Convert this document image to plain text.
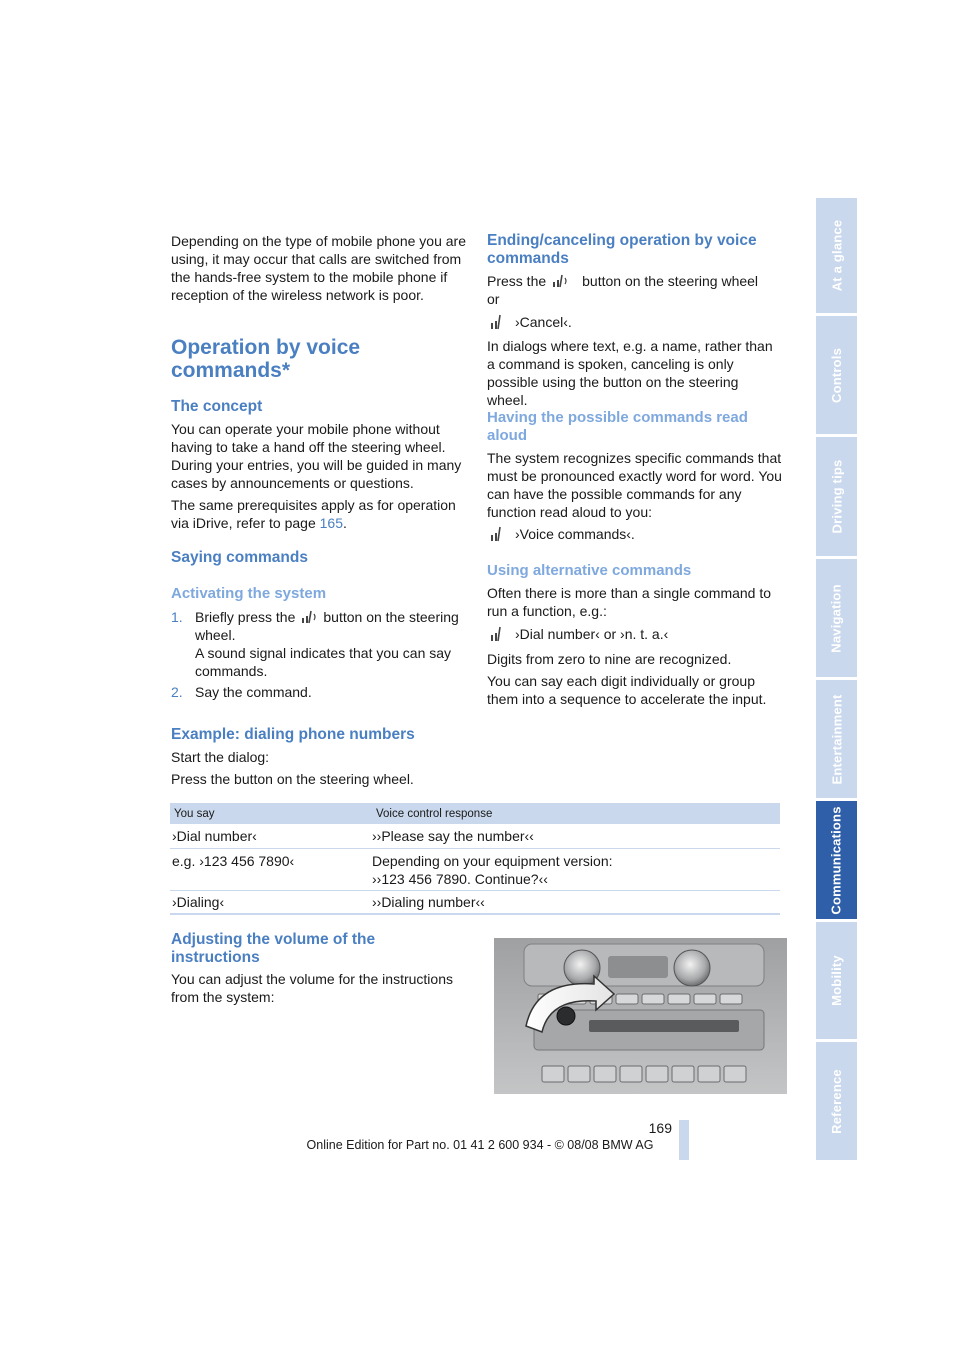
At a glance
Controls
Driving tips
Navigation
Entertainment
Communications
Mobility
Reference

Depending on the type of mobile phone you are using, it may occur that calls are switched from the hands-free system to the mobile phone if reception of the wireless network is poor.

Operation by voice
commands*
The concept

You can operate your mobile phone without having to take a hand off the steering wheel. During your entries, you will be guided in many cases by announcements or questions.

The same prerequisites apply as for operation via iDrive, refer to page 165.

Saying commands
Activating the system
1. Briefly press the button on the steering
wheel.
A sound signal indicates that you can say
commands.
2. Say the command.
Ending/canceling operation by voice
commands
Press the	button on the steering wheel

or

›Cancel‹.

In dialogs where text, e.g. a name, rather than a command is spoken, canceling is only possible using the button on the steering wheel.

Having the possible commands read
aloud

The system recognizes specific commands that must be pronounced exactly word for word. You can have the possible commands for any function read aloud to you:

›Voice commands‹.
Using alternative commands

Often there is more than a single command to run a function, e.g.:

›Dial number‹ or ›n. t. a.‹

Digits from zero to nine are recognized.

You can say each digit individually or group them into a sequence to accelerate the input.

Example: dialing phone numbers

Start the dialog:

Press the button on the steering wheel.

You say	Voice control response
›Dial number‹	››Please say the number‹‹
e.g. ›123 456 7890‹	Depending on your equipment version:
››123 456 7890. Continue?‹‹
›Dialing‹	››Dialing number‹‹
Adjusting the volume of the
instructions

You can adjust the volume for the instructions from the system:

169
Online Edition for Part no. 01 41 2 600 934 - © 08/08 BMW AG
